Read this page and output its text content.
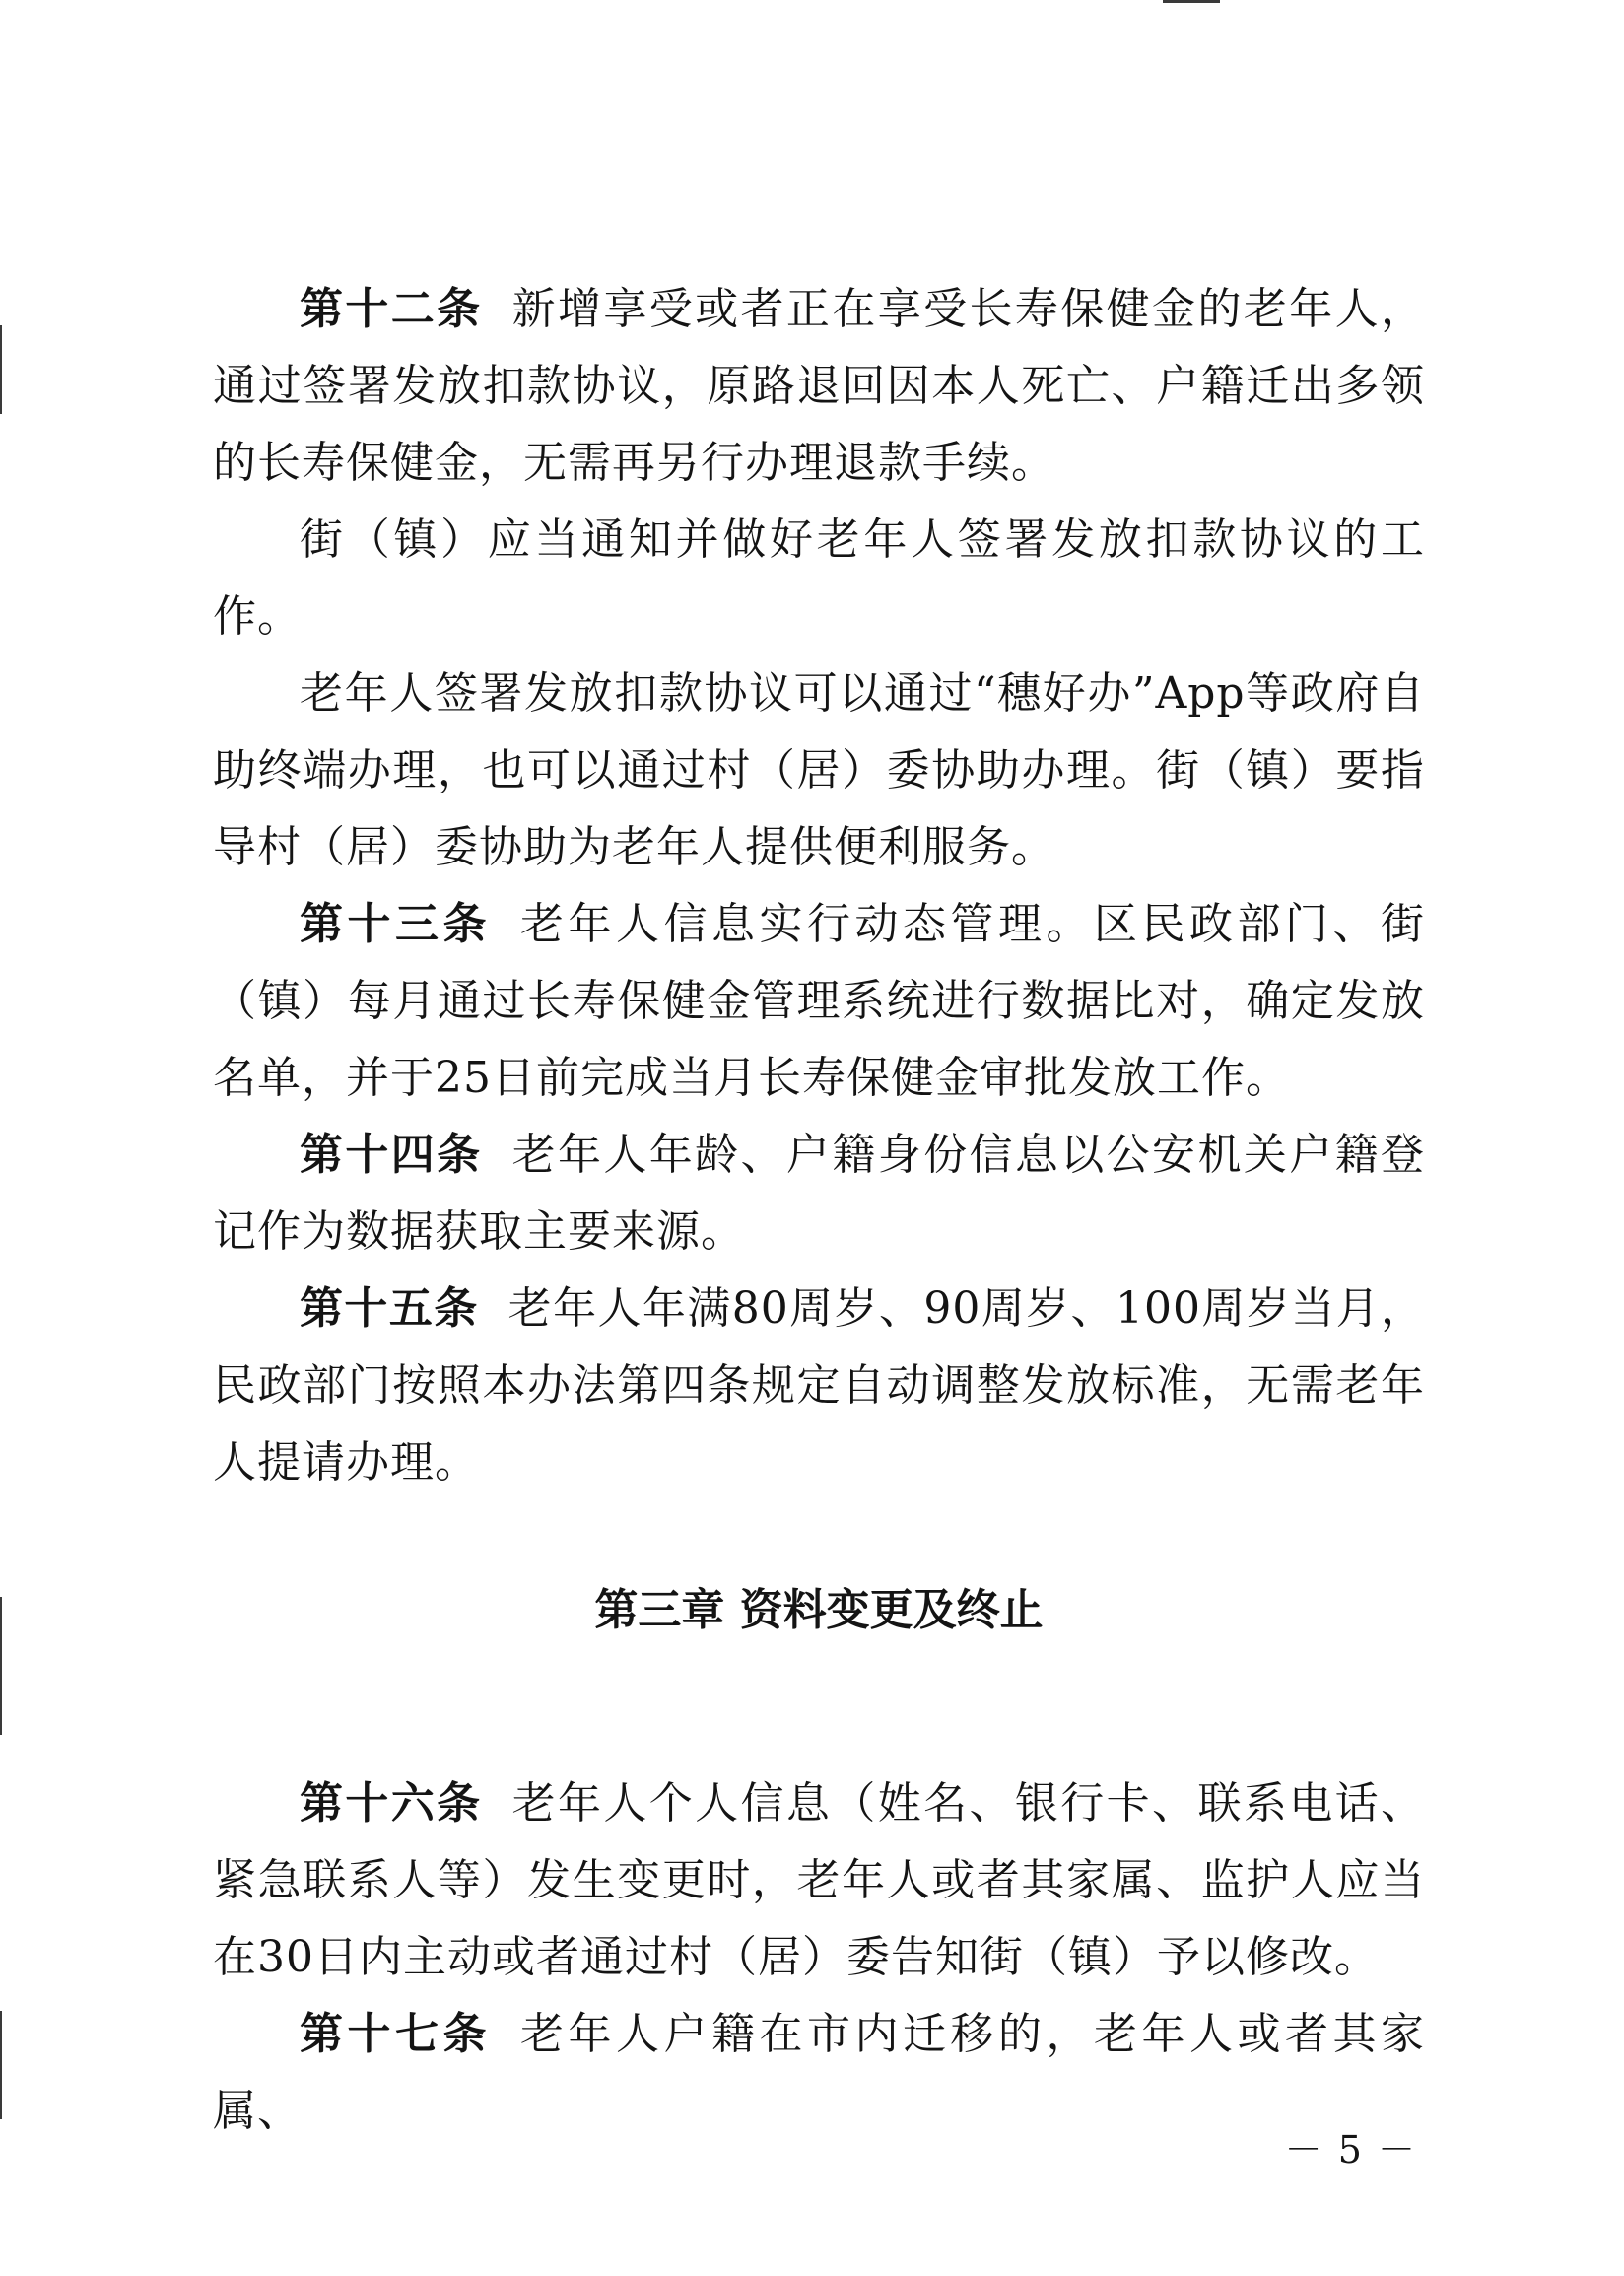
第十二条 新增享受或者正在享受长寿保健金的老年人，通过签署发放扣款协议，原路退回因本人死亡、户籍迁出多领的长寿保健金，无需再另行办理退款手续。

街（镇）应当通知并做好老年人签署发放扣款协议的工作。

老年人签署发放扣款协议可以通过“穗好办”App等政府自助终端办理，也可以通过村（居）委协助办理。街（镇）要指导村（居）委协助为老年人提供便利服务。

第十三条 老年人信息实行动态管理。区民政部门、街（镇）每月通过长寿保健金管理系统进行数据比对，确定发放名单，并于25日前完成当月长寿保健金审批发放工作。

第十四条 老年人年龄、户籍身份信息以公安机关户籍登记作为数据获取主要来源。

第十五条 老年人年满80周岁、90周岁、100周岁当月，民政部门按照本办法第四条规定自动调整发放标准，无需老年人提请办理。

第三章 资料变更及终止

第十六条 老年人个人信息（姓名、银行卡、联系电话、紧急联系人等）发生变更时，老年人或者其家属、监护人应当在30日内主动或者通过村（居）委告知街（镇）予以修改。

第十七条 老年人户籍在市内迁移的，老年人或者其家属、

－ 5 －
